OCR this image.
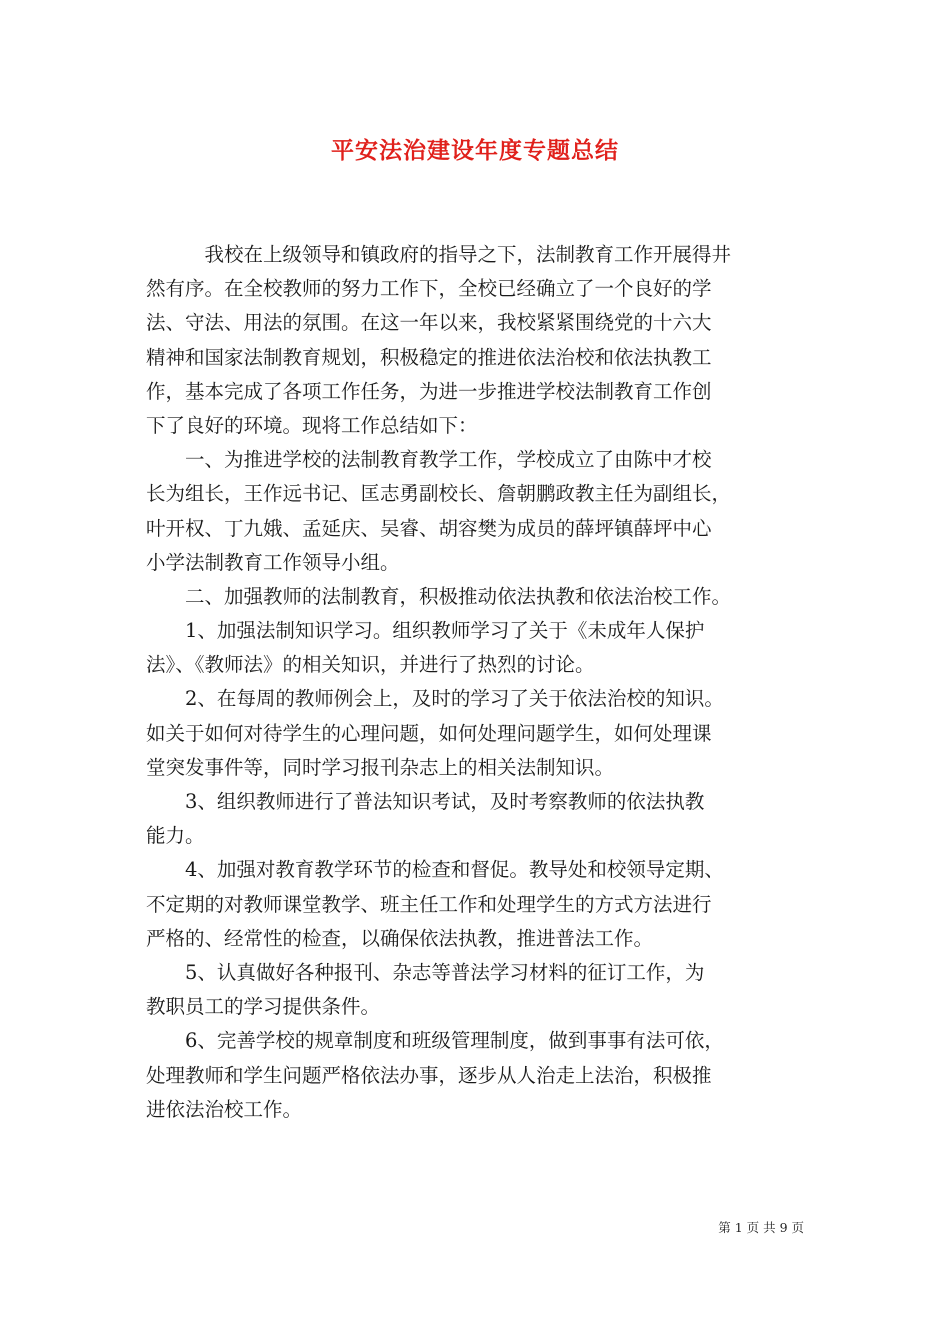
平安法治建设年度专题总结
　　　我校在上级领导和镇政府的指导之下，法制教育工作开展得井
然有序。在全校教师的努力工作下，全校已经确立了一个良好的学
法、守法、用法的氛围。在这一年以来，我校紧紧围绕党的十六大
精神和国家法制教育规划，积极稳定的推进依法治校和依法执教工
作，基本完成了各项工作任务，为进一步推进学校法制教育工作创
下了良好的环境。现将工作总结如下：
　　一、为推进学校的法制教育教学工作，学校成立了由陈中才校
长为组长，王作远书记、匡志勇副校长、詹朝鹏政教主任为副组长，
叶开权、丁九娥、孟延庆、吴睿、胡容樊为成员的薛坪镇薛坪中心
小学法制教育工作领导小组。
　　二、加强教师的法制教育，积极推动依法执教和依法治校工作。
　　1、加强法制知识学习。组织教师学习了关于《未成年人保护
法》、《教师法》的相关知识，并进行了热烈的讨论。
　　2、在每周的教师例会上，及时的学习了关于依法治校的知识。
如关于如何对待学生的心理问题，如何处理问题学生，如何处理课
堂突发事件等，同时学习报刊杂志上的相关法制知识。
　　3、组织教师进行了普法知识考试，及时考察教师的依法执教
能力。
　　4、加强对教育教学环节的检查和督促。教导处和校领导定期、
不定期的对教师课堂教学、班主任工作和处理学生的方式方法进行
严格的、经常性的检查，以确保依法执教，推进普法工作。
　　5、认真做好各种报刊、杂志等普法学习材料的征订工作，为
教职员工的学习提供条件。
　　6、完善学校的规章制度和班级管理制度，做到事事有法可依，
处理教师和学生问题严格依法办事，逐步从人治走上法治，积极推
进依法治校工作。
第 1 页 共 9 页
